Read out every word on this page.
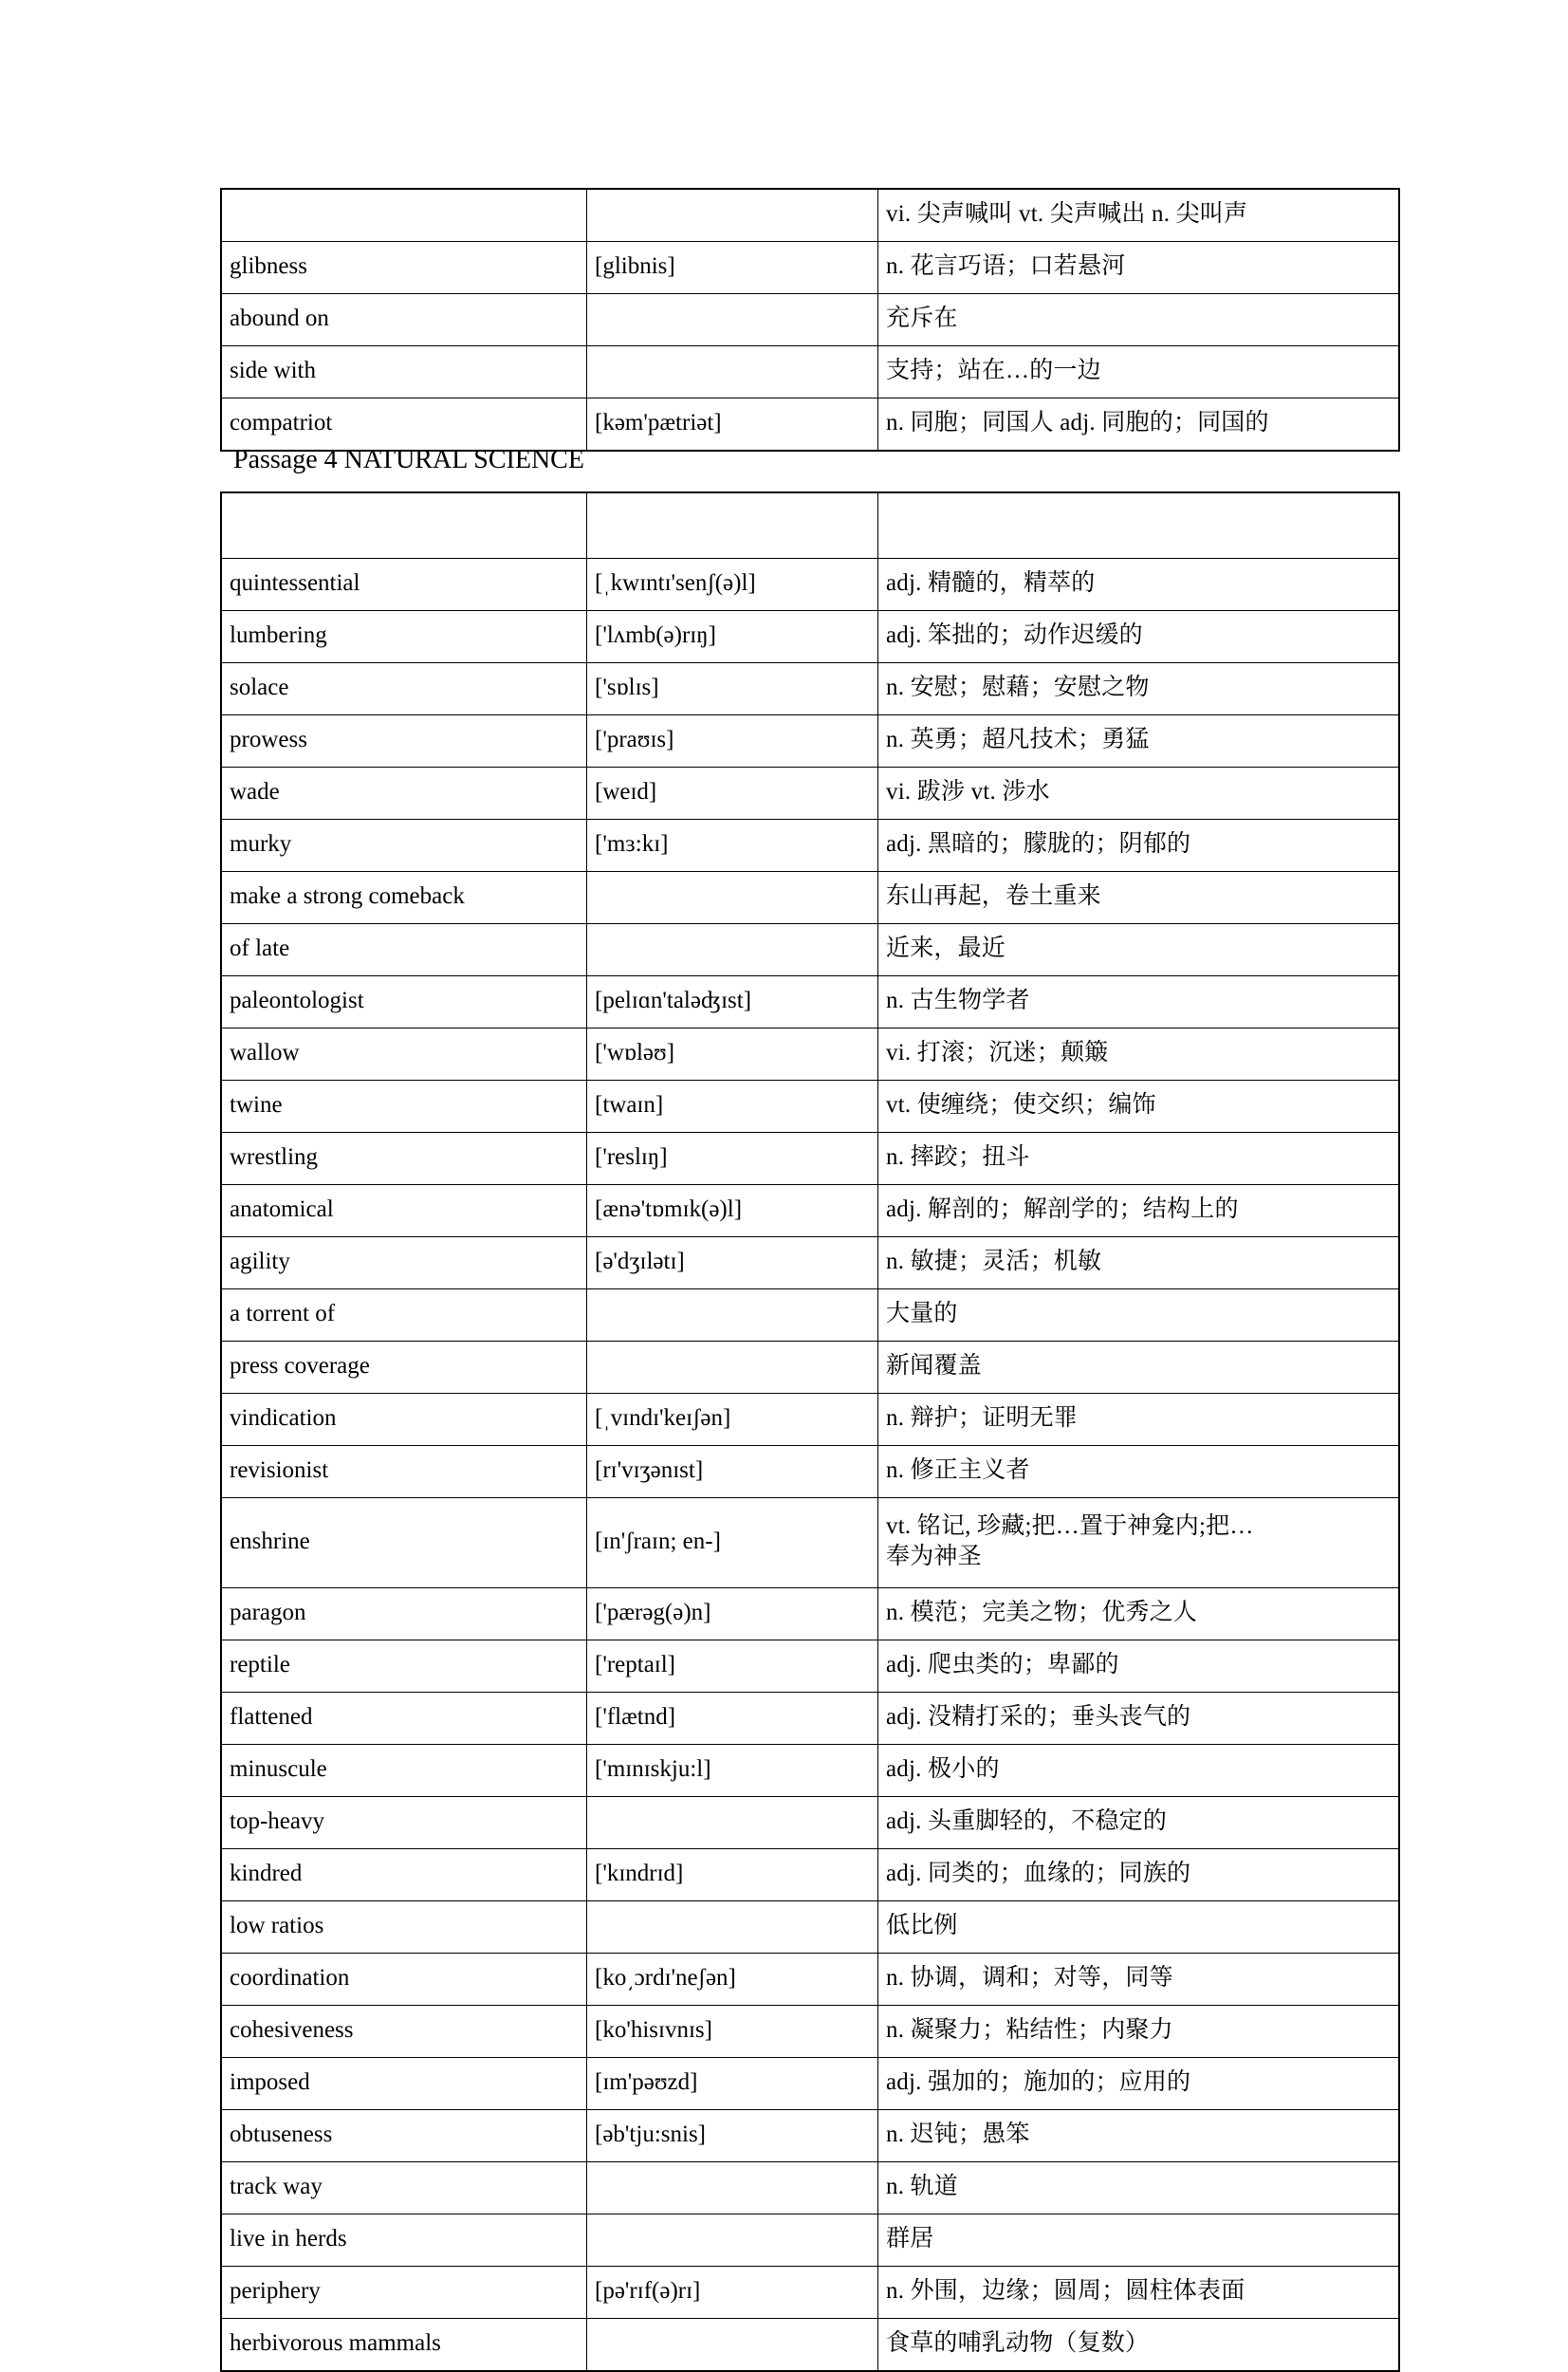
		vi. 尖声喊叫 vt. 尖声喊出 n. 尖叫声
glibness	[glibnis]	n. 花言巧语；口若悬河
abound on		充斥在
side with		支持；站在…的一边
compatriot	[kəm'pætriət]	n. 同胞；同国人 adj. 同胞的；同国的
Passage 4 NATURAL SCIENCE

quintessential	[ˌkwɪntɪ'senʃ(ə)l]	adj. 精髓的，精萃的
lumbering	['lʌmb(ə)rɪŋ]	adj. 笨拙的；动作迟缓的
solace	['sɒlɪs]	n. 安慰；慰藉；安慰之物
prowess	['praʊɪs]	n. 英勇；超凡技术；勇猛
wade	[weɪd]	vi. 跋涉 vt. 涉水
murky	['mɜ:kɪ]	adj. 黑暗的；朦胧的；阴郁的
make a strong comeback		东山再起，卷土重来
of late		近来，最近
paleontologist	[pelɪɑn'taləʤɪst]	n. 古生物学者
wallow	['wɒləʊ]	vi. 打滚；沉迷；颠簸
twine	[twaɪn]	vt. 使缠绕；使交织；编饰
wrestling	['reslɪŋ]	n. 摔跤；扭斗
anatomical	[ænə'tɒmɪk(ə)l]	adj. 解剖的；解剖学的；结构上的
agility	[ə'dʒɪlətɪ]	n. 敏捷；灵活；机敏
a torrent of		大量的
press coverage		新闻覆盖
vindication	[ˌvɪndɪ'keɪʃən]	n. 辩护；证明无罪
revisionist	[rɪ'vɪʒənɪst]	n. 修正主义者
enshrine	[ɪn'ʃraɪn; en-]	vt. 铭记, 珍藏;把…置于神龛内;把…
奉为神圣

paragon	['pærəg(ə)n]	n. 模范；完美之物；优秀之人
reptile	['reptaɪl]	adj. 爬虫类的；卑鄙的
flattened	['flætnd]	adj. 没精打采的；垂头丧气的
minuscule	['mɪnɪskju:l]	adj. 极小的
top-heavy		adj. 头重脚轻的，不稳定的
kindred	['kɪndrɪd]	adj. 同类的；血缘的；同族的
low ratios		低比例
coordination	[ko͵ɔrdɪ'neʃən]	n. 协调，调和；对等，同等
cohesiveness	[ko'hisɪvnɪs]	n. 凝聚力；粘结性；内聚力
imposed	[ɪm'pəʊzd]	adj. 强加的；施加的；应用的
obtuseness	[əb'tju:snis]	n. 迟钝；愚笨
track way		n. 轨道
live in herds		群居
periphery	[pə'rɪf(ə)rɪ]	n. 外围，边缘；圆周；圆柱体表面
herbivorous mammals		食草的哺乳动物（复数）
